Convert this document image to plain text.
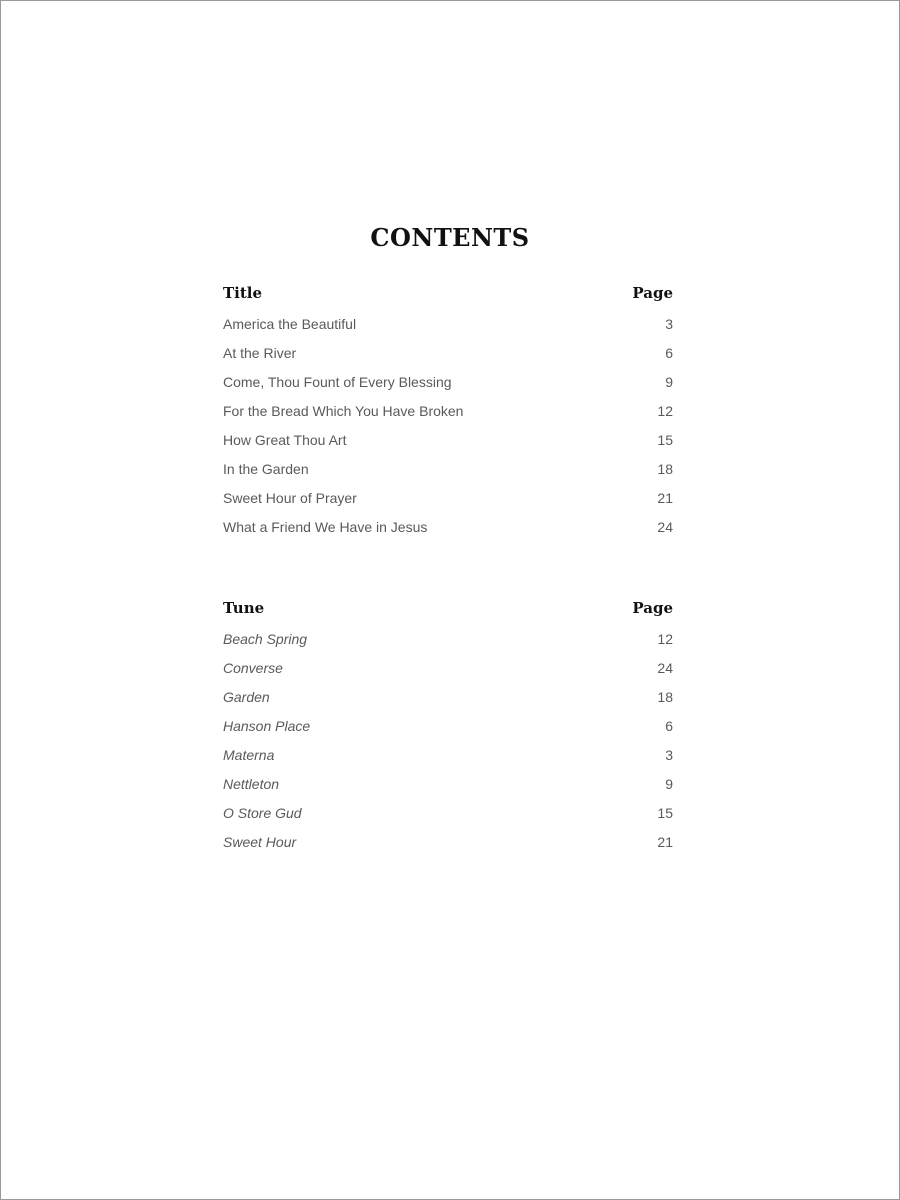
CONTENTS
Title	Page
America the Beautiful	3
At the River	6
Come, Thou Fount of Every Blessing	9
For the Bread Which You Have Broken	12
How Great Thou Art	15
In the Garden	18
Sweet Hour of Prayer	21
What a Friend We Have in Jesus	24
Tune	Page
Beach Spring	12
Converse	24
Garden	18
Hanson Place	6
Materna	3
Nettleton	9
O Store Gud	15
Sweet Hour	21
